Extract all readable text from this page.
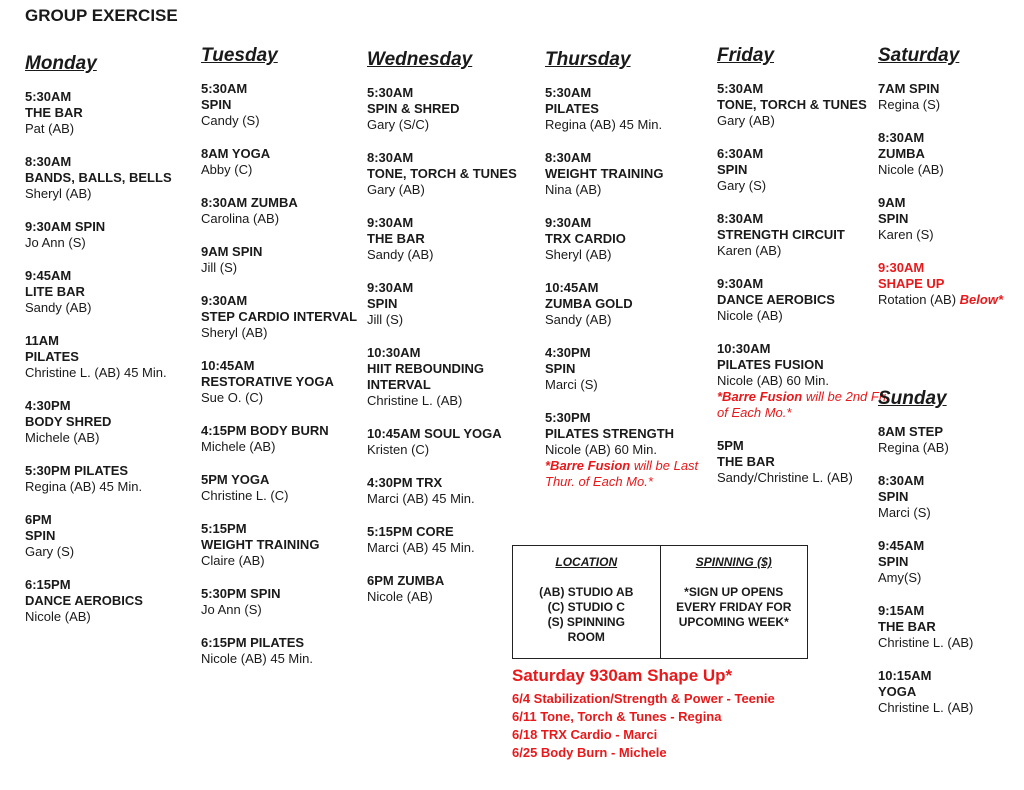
GROUP EXERCISE
Monday
5:30AM
THE BAR
Pat (AB)
8:30AM
BANDS, BALLS, BELLS
Sheryl (AB)
9:30AM SPIN
Jo Ann (S)
9:45AM
LITE BAR
Sandy (AB)
11AM
PILATES
Christine L. (AB) 45 Min.
4:30PM
BODY SHRED
Michele (AB)
5:30PM PILATES
Regina (AB) 45 Min.
6PM
SPIN
Gary (S)
6:15PM
DANCE AEROBICS
Nicole (AB)
Tuesday
5:30AM
SPIN
Candy (S)
8AM YOGA
Abby (C)
8:30AM ZUMBA
Carolina (AB)
9AM SPIN
Jill (S)
9:30AM
STEP CARDIO INTERVAL
Sheryl (AB)
10:45AM
RESTORATIVE YOGA
Sue O. (C)
4:15PM BODY BURN
Michele (AB)
5PM YOGA
Christine L. (C)
5:15PM
WEIGHT TRAINING
Claire (AB)
5:30PM SPIN
Jo Ann (S)
6:15PM PILATES
Nicole (AB) 45 Min.
Wednesday
5:30AM
SPIN & SHRED
Gary (S/C)
8:30AM
TONE, TORCH & TUNES
Gary (AB)
9:30AM
THE BAR
Sandy (AB)
9:30AM
SPIN
Jill (S)
10:30AM
HIIT REBOUNDING INTERVAL
Christine L. (AB)
10:45AM SOUL YOGA
Kristen (C)
4:30PM TRX
Marci (AB) 45 Min.
5:15PM CORE
Marci (AB) 45 Min.
6PM ZUMBA
Nicole (AB)
Thursday
5:30AM
PILATES
Regina (AB) 45 Min.
8:30AM
WEIGHT TRAINING
Nina (AB)
9:30AM
TRX CARDIO
Sheryl (AB)
10:45AM
ZUMBA GOLD
Sandy (AB)
4:30PM
SPIN
Marci (S)
5:30PM
PILATES STRENGTH
Nicole (AB) 60 Min.
*Barre Fusion will be Last Thur. of Each Mo.*
Friday
5:30AM
TONE, TORCH & TUNES
Gary (AB)
6:30AM
SPIN
Gary (S)
8:30AM
STRENGTH CIRCUIT
Karen (AB)
9:30AM
DANCE AEROBICS
Nicole (AB)
10:30AM
PILATES FUSION
Nicole (AB) 60 Min.
*Barre Fusion will be 2nd Fri. of Each Mo.*
5PM
THE BAR
Sandy/Christine L. (AB)
Saturday
7AM SPIN
Regina (S)
8:30AM
ZUMBA
Nicole (AB)
9AM
SPIN
Karen (S)
9:30AM
SHAPE UP
Rotation (AB) Below*
Sunday
8AM STEP
Regina (AB)
8:30AM
SPIN
Marci (S)
9:45AM
SPIN
Amy(S)
9:15AM
THE BAR
Christine L. (AB)
10:15AM
YOGA
Christine L. (AB)
LOCATION
(AB) STUDIO AB
(C) STUDIO C
(S) SPINNING
ROOM
SPINNING ($)
*SIGN UP OPENS
EVERY FRIDAY FOR
UPCOMING WEEK*
Saturday 930am Shape Up*
6/4 Stabilization/Strength & Power - Teenie
6/11 Tone, Torch & Tunes - Regina
6/18 TRX Cardio - Marci
6/25 Body Burn - Michele
